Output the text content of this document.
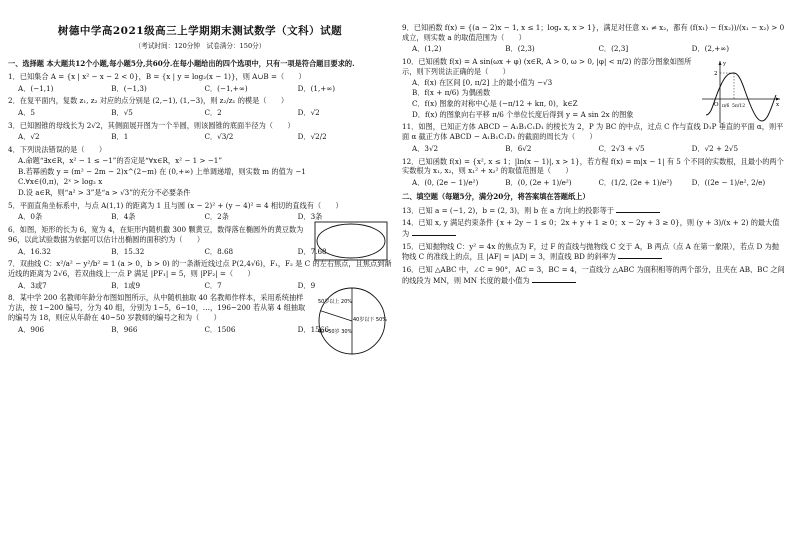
树德中学高2021级高三上学期期末测试数学（文科）试题
（考试时间：120分钟　试卷满分：150分）
一、选择题 本大题共12个小题,每小题5分,共60分.在每小题给出的四个选项中，只有一项是符合题目要求的.
1．已知集合 A = {x | x² − x − 2 < 0}，B = {x | y = log₂(x − 1)}，则 A∪B =（　　）
A．(−1,1)	B．(−1,3)	C．(−1,+∞)	D．(1,+∞)
2．在复平面内，复数 z₁, z₂ 对应的点分别是 (2,−1), (1,−3)，则 z₂/z₁ 的模是（　　）
A．5	B．√5	C．2	D．√2
3．已知圆锥的母线长为 2√2，其侧面展开图为一个半圆，则该圆锥的底面半径为（　　）
A．√2	B．1	C．√3/2	D．√2/2
4．下列说法错误的是（　　）
A.命题“∃x∈R，x² − 1 ≤ −1”的否定是“∀x∈R，x² − 1 > −1”
B.若幂函数 y = (m² − 2m − 2)x^(2−m) 在 (0,+∞) 上单调递增，则实数 m 的值为 −1
C.∀x∈(0,π)，2ˣ > log₂ x
D.设 a∈R，则“a² > 3”是“a > √3”的充分不必要条件
5．平面直角坐标系中，与点 A(1,1) 的距离为 1 且与圆 (x − 2)² + (y − 4)² = 4 相切的直线有（　　）
A．0条	B．4条	C．2条	D．3条
6．如图，矩形的长为 6，宽为 4，在矩形内随机撒 300 颗黄豆，数得落在椭圆外的黄豆数为 96，以此试验数据为依据可以估计出椭圆的面积约为（　　）
A．16.32	B．15.32	C．8.68	D．7.68
7．双曲线 C：x²/a² − y²/b² = 1 (a > 0，b > 0) 的一条渐近线过点 P(2,4√6)，F₁，F₂ 是 C 的左右焦点，且焦点到渐近线的距离为 2√6，若双曲线上一点 P 满足 |PF₁| = 5，则 |PF₂| =（　　）
A．3或7	B．1或9	C．7	D．9
8．某中学 200 名教师年龄分布图如图所示，从中随机抽取 40 名教师作样本，采用系统抽样方法，按 1~200 编号，分为 40 组，分别为 1~5，6~10，…，196~200 若从第 4 组抽取的编号为 18，则应从年龄在 40~50 岁教师的编号之和为（　　）
A．906	B．966	C．1506	D．1566
50岁以上 20%
40~50岁 30%
40岁以下 50%
9．已知函数 f(x) = {(a − 2)x − 1, x ≤ 1；logₐ x, x > 1}，满足对任意 x₁ ≠ x₂，都有 (f(x₁) − f(x₂))/(x₁ − x₂) > 0 成立，则实数 a 的取值范围为（　　）
A．(1,2)	B．(2,3)	C．(2,3]	D．(2,+∞)
10．已知函数 f(x) = A sin(ωx + φ) (x∈R, A > 0, ω > 0, |φ| < π/2) 的部分图象如图所示，则下列说法正确的是（　　）
A．f(x) 在区间 [0, π/2] 上的最小值为 −√3
B．f(x + π/6) 为偶函数
C．f(x) 图象的对称中心是 (−π/12 + kπ, 0)，k∈Z
D．f(x) 的图象向右平移 π/6 个单位长度后得到 y = A sin 2x 的图象
y
x
2
O π/6 5π/12
11．如图，已知正方体 ABCD − A₁B₁C₁D₁ 的棱长为 2，P 为 BC 的中点，过点 C 作与直线 D₁P 垂直的平面 α，则平面 α 截正方体 ABCD − A₁B₁C₁D₁ 的截面的周长为（　　）
A．3√2	B．6√2	C．2√3 + √5	D．√2 + 2√5
12．已知函数 f(x) = {x², x ≤ 1；|ln(x − 1)|, x > 1}，若方程 f(x) = m|x − 1| 有 5 个不同的实数根，且最小的两个实数根为 x₁, x₂，则 x₁² + x₂² 的取值范围是（　　）
A．(0, (2e − 1)/e²)	B．(0, (2e + 1)/e²)	C．(1/2, (2e + 1)/e²)	D．((2e − 1)/e², 2/e)
二、填空题（每题5分，满分20分，将答案填在答题纸上）
13．已知 a = (−1, 2)，b = (2, 3)，则 b 在 a 方向上的投影等于
14．已知 x, y 满足约束条件 {x + 2y − 1 ≤ 0；2x + y + 1 ≥ 0；x − 2y + 3 ≥ 0}，则 (y + 3)/(x + 2) 的最大值为
15．已知抛物线 C：y² = 4x 的焦点为 F，过 F 的直线与抛物线 C 交于 A，B 两点（点 A 在第一象限），若点 D 为抛物线 C 的准线上的点，且 |AF| = |AD| = 3，则直线 BD 的斜率为
16．已知 △ABC 中，∠C = 90°，AC = 3，BC = 4，一直线分 △ABC 为面积相等的两个部分，且夹在 AB、BC 之间的线段为 MN，则 MN 长度的最小值为
